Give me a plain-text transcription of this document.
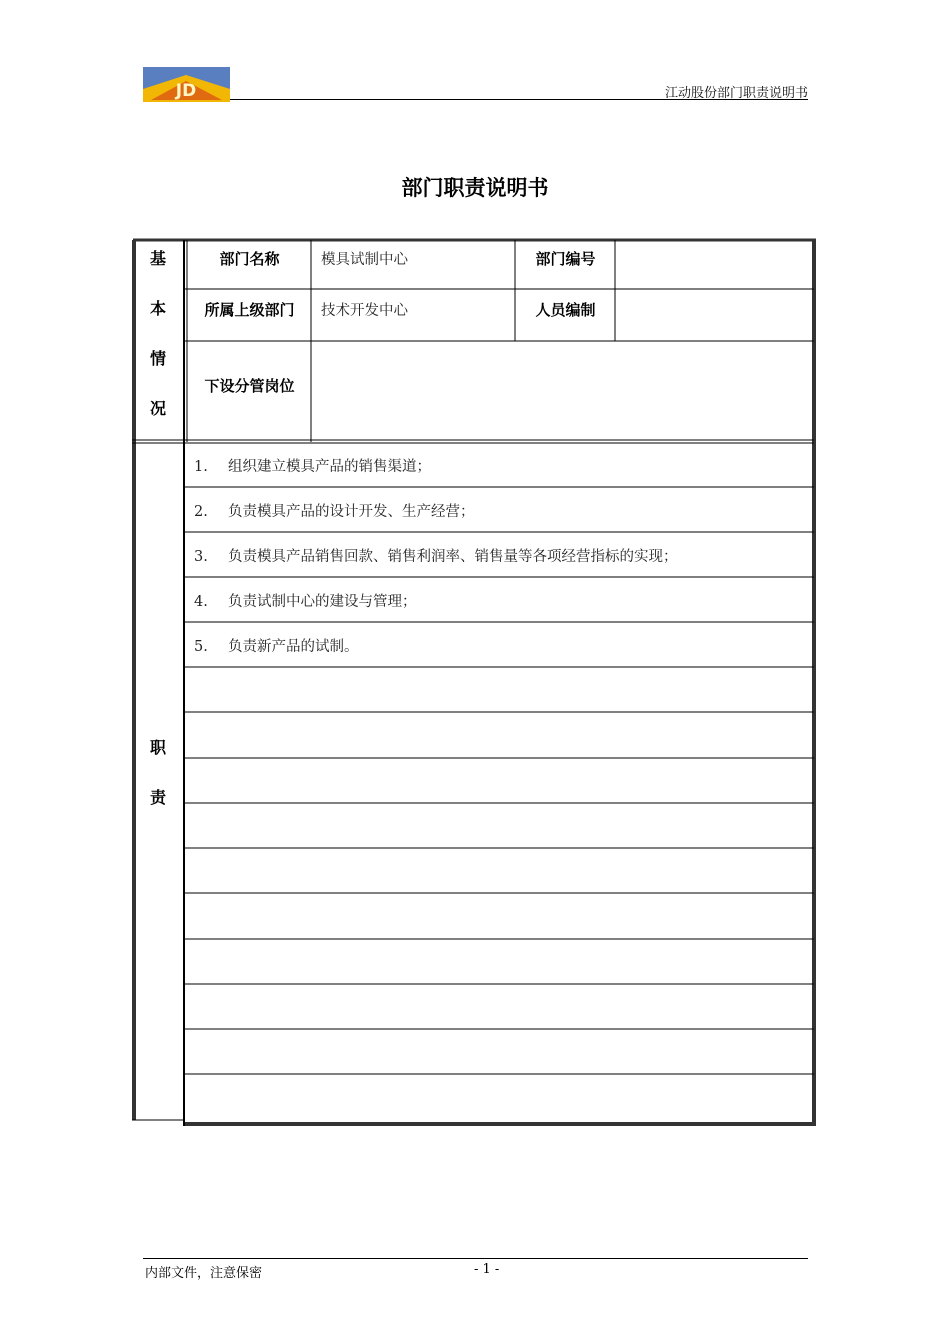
JD	江动股份部门职责说明书
部门职责说明书
基
本
情
况
部门名称	模具试制中心	部门编号
所属上级部门	技术开发中心	人员编制
下设分管岗位
职
责
1. 组织建立模具产品的销售渠道；
2. 负责模具产品的设计开发、生产经营；
3. 负责模具产品销售回款、销售利润率、销售量等各项经营指标的实现；
4. 负责试制中心的建设与管理；
5. 负责新产品的试制。
内部文件，注意保密	- 1 -
